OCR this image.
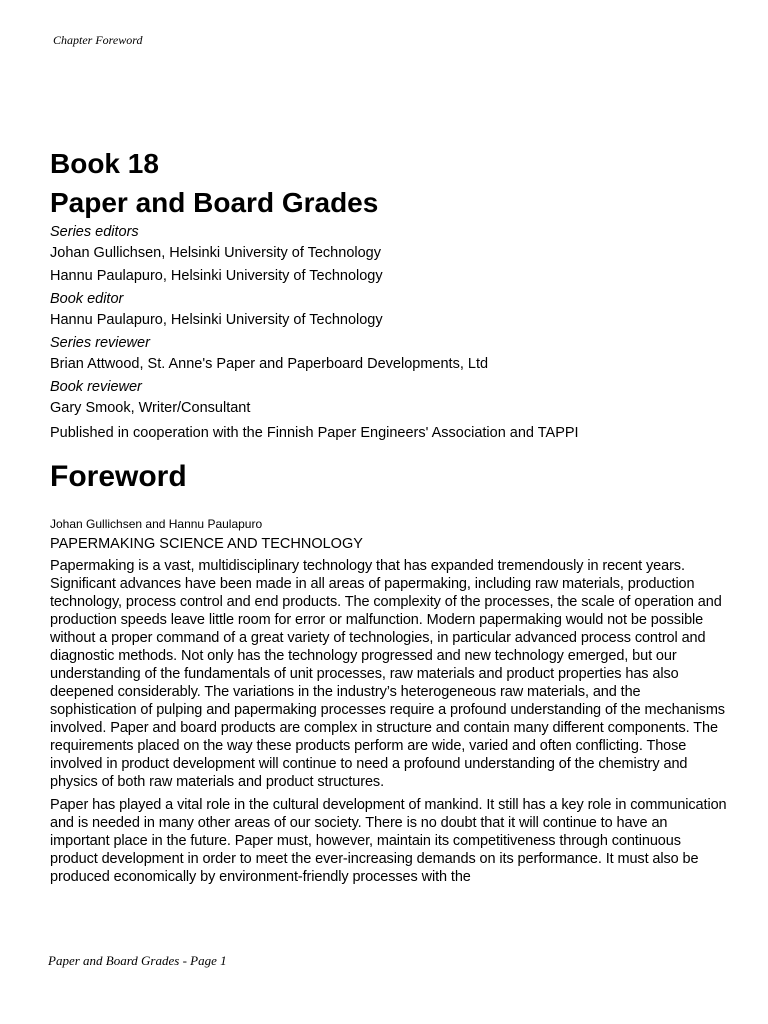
Chapter Foreword
Book 18
Paper and Board Grades

Series editors

Johan Gullichsen, Helsinki University of Technology

Hannu Paulapuro, Helsinki University of Technology

Book editor

Hannu Paulapuro, Helsinki University of Technology

Series reviewer

Brian Attwood, St. Anne's Paper and Paperboard Developments, Ltd

Book reviewer

Gary Smook, Writer/Consultant

Published in cooperation with the Finnish Paper Engineers' Association and TAPPI

Foreword

Johan Gullichsen and Hannu Paulapuro

PAPERMAKING SCIENCE AND TECHNOLOGY

Papermaking is a vast, multidisciplinary technology that has expanded tremendously in recent years. Significant advances have been made in all areas of papermaking, including raw materials, production technology, process control and end products. The complexity of the processes, the scale of operation and production speeds leave little room for error or malfunction. Modern papermaking would not be possible without a proper command of a great variety of technologies, in particular advanced process control and diagnostic methods. Not only has the technology progressed and new technology emerged, but our understanding of the fundamentals of unit processes, raw materials and product properties has also deepened considerably. The variations in the industry’s heterogeneous raw materials, and the sophistication of pulping and papermaking processes require a profound understanding of the mechanisms involved. Paper and board products are complex in structure and contain many different components. The requirements placed on the way these products perform are wide, varied and often conflicting. Those involved in product development will continue to need a profound understanding of the chemistry and physics of both raw materials and product structures.

Paper has played a vital role in the cultural development of mankind. It still has a key role in communication and is needed in many other areas of our society. There is no doubt that it will continue to have an important place in the future. Paper must, however, maintain its competitiveness through continuous product development in order to meet the ever-increasing demands on its performance. It must also be produced economically by environment-friendly processes with the

Paper and Board Grades - Page 1
